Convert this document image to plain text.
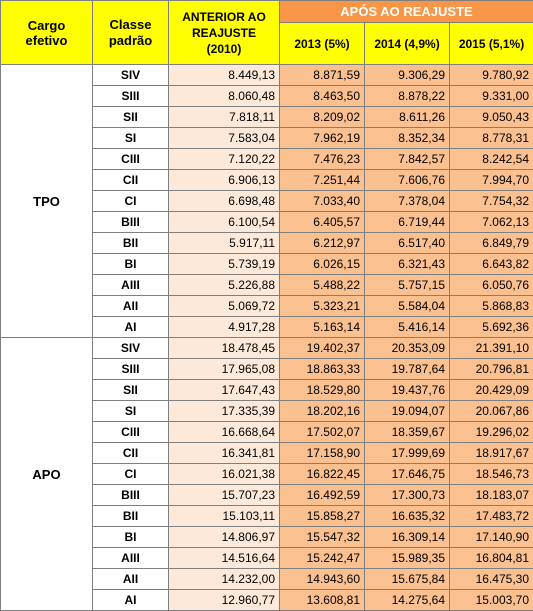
Cargo efetivo	Classe padrão	ANTERIOR AO REAJUSTE (2010)	APÓS AO REAJUSTE		
			2013 (5%)	2014 (4,9%)	2015 (5,1%)
TPO	SIV	8.449,13	8.871,59	9.306,29	9.780,92
	SIII	8.060,48	8.463,50	8.878,22	9.331,00
	SII	7.818,11	8.209,02	8.611,26	9.050,43
	SI	7.583,04	7.962,19	8.352,34	8.778,31
	CIII	7.120,22	7.476,23	7.842,57	8.242,54
	CII	6.906,13	7.251,44	7.606,76	7.994,70
	CI	6.698,48	7.033,40	7.378,04	7.754,32
	BIII	6.100,54	6.405,57	6.719,44	7.062,13
	BII	5.917,11	6.212,97	6.517,40	6.849,79
	BI	5.739,19	6.026,15	6.321,43	6.643,82
	AIII	5.226,88	5.488,22	5.757,15	6.050,76
	AII	5.069,72	5.323,21	5.584,04	5.868,83
	AI	4.917,28	5.163,14	5.416,14	5.692,36
APO	SIV	18.478,45	19.402,37	20.353,09	21.391,10
	SIII	17.965,08	18.863,33	19.787,64	20.796,81
	SII	17.647,43	18.529,80	19.437,76	20.429,09
	SI	17.335,39	18.202,16	19.094,07	20.067,86
	CIII	16.668,64	17.502,07	18.359,67	19.296,02
	CII	16.341,81	17.158,90	17.999,69	18.917,67
	CI	16.021,38	16.822,45	17.646,75	18.546,73
	BIII	15.707,23	16.492,59	17.300,73	18.183,07
	BII	15.103,11	15.858,27	16.635,32	17.483,72
	BI	14.806,97	15.547,32	16.309,14	17.140,90
	AIII	14.516,64	15.242,47	15.989,35	16.804,81
	AII	14.232,00	14.943,60	15.675,84	16.475,30
	AI	12.960,77	13.608,81	14.275,64	15.003,70
